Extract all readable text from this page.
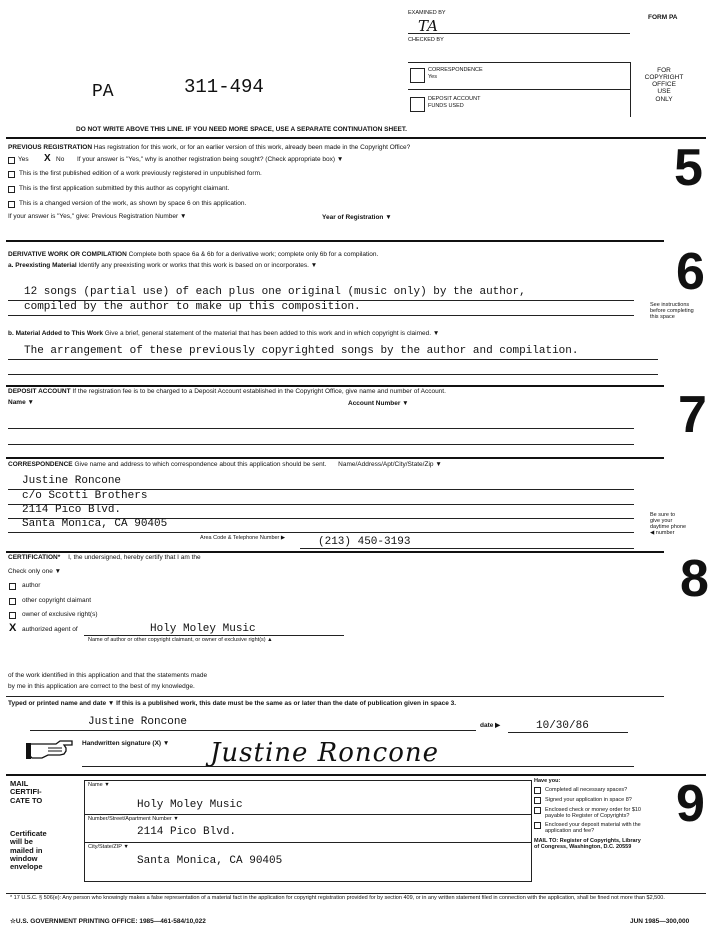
EXAMINED BY
TA
CHECKED BY
FORM PA
CORRESPONDENCE
Yes
DEPOSIT ACCOUNT
FUNDS USED
FOR
COPYRIGHT
OFFICE
USE
ONLY
PA	311-494
DO NOT WRITE ABOVE THIS LINE. IF YOU NEED MORE SPACE, USE A SEPARATE CONTINUATION SHEET.
PREVIOUS REGISTRATION Has registration for this work, or for an earlier version of this work, already been made in the Copyright Office?
Yes X No If your answer is "Yes," why is another registration being sought? (Check appropriate box) ▼
This is the first published edition of a work previously registered in unpublished form.
This is the first application submitted by this author as copyright claimant.
This is a changed version of the work, as shown by space 6 on this application.
If your answer is "Yes," give: Previous Registration Number ▼	Year of Registration ▼
5
DERIVATIVE WORK OR COMPILATION Complete both space 6a & 6b for a derivative work; complete only 6b for a compilation.
a. Preexisting Material Identify any preexisting work or works that this work is based on or incorporates. ▼
12 songs (partial use) of each plus one original (music only) by the author,
compiled by the author to make up this composition.
6
See instructions
before completing
this space
b. Material Added to This Work Give a brief, general statement of the material that has been added to this work and in which copyright is claimed. ▼
The arrangement of these previously copyrighted songs by the author and compilation.
DEPOSIT ACCOUNT If the registration fee is to be charged to a Deposit Account established in the Copyright Office, give name and number of Account.
Name ▼	Account Number ▼	7
CORRESPONDENCE Give name and address to which correspondence about this application should be sent. Name/Address/Apt/City/State/Zip ▼
Justine Roncone
c/o Scotti Brothers
2114 Pico Blvd.
Santa Monica, CA 90405
Area Code & Telephone Number ▶	(213) 450-3193
Be sure to
give your
daytime phone
◀ number
CERTIFICATION* I, the undersigned, hereby certify that I am the
Check only one ▼
author
other copyright claimant
owner of exclusive right(s)
X authorized agent of	Holy Moley Music
Name of author or other copyright claimant, or owner of exclusive right(s) ▲
8
of the work identified in this application and that the statements made
by me in this application are correct to the best of my knowledge.
Typed or printed name and date ▼ If this is a published work, this date must be the same as or later than the date of publication given in space 3.
Justine Roncone	date ▶	10/30/86
Handwritten signature (X) ▼ Justine Roncone
MAIL
CERTIFI-
CATE TO
Certificate
will be
mailed in
window
envelope
Name ▼
Holy Moley Music
Number/Street/Apartment Number ▼
2114 Pico Blvd.
City/State/ZIP ▼
Santa Monica, CA 90405
Have you:
Completed all necessary spaces?
Signed your application in space 8?
Enclosed check or money order for $10 payable to Register of Copyrights?
Enclosed your deposit material with the application and fee?
MAIL TO: Register of Copyrights, Library of Congress, Washington, D.C. 20559
9
* 17 U.S.C. § 506(e): Any person who knowingly makes a false representation of a material fact in the application for copyright registration provided for by section 409, or in any written statement filed in connection with the application, shall be fined not more than $2,500.
☆U.S. GOVERNMENT PRINTING OFFICE: 1985—461-584/10,022	JUN 1985—300,000
